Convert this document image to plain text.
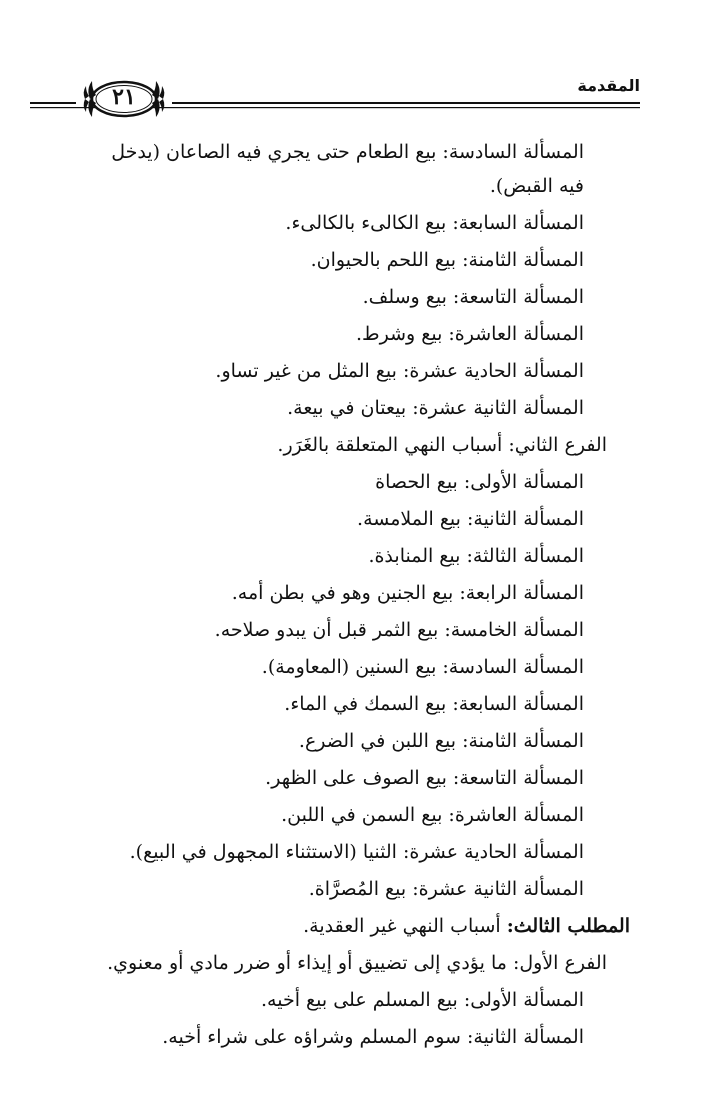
المقدمة
٢١
المسألة السادسة: بيع الطعام حتى يجري فيه الصاعان (يدخل
فيه القبض).
المسألة السابعة: بيع الكالىء بالكالىء.
المسألة الثامنة: بيع اللحم بالحيوان.
المسألة التاسعة: بيع وسلف.
المسألة العاشرة: بيع وشرط.
المسألة الحادية عشرة: بيع المثل من غير تساو.
المسألة الثانية عشرة: بيعتان في بيعة.
الفرع الثاني: أسباب النهي المتعلقة بالغَرَر.
المسألة الأولى: بيع الحصاة
المسألة الثانية: بيع الملامسة.
المسألة الثالثة: بيع المنابذة.
المسألة الرابعة: بيع الجنين وهو في بطن أمه.
المسألة الخامسة: بيع الثمر قبل أن يبدو صلاحه.
المسألة السادسة: بيع السنين (المعاومة).
المسألة السابعة: بيع السمك في الماء.
المسألة الثامنة: بيع اللبن في الضرع.
المسألة التاسعة: بيع الصوف على الظهر.
المسألة العاشرة: بيع السمن في اللبن.
المسألة الحادية عشرة: الثنيا (الاستثناء المجهول في البيع).
المسألة الثانية عشرة: بيع المُصرَّاة.
المطلب الثالث: أسباب النهي غير العقدية.
الفرع الأول: ما يؤدي إلى تضييق أو إيذاء أو ضرر مادي أو معنوي.
المسألة الأولى: بيع المسلم على بيع أخيه.
المسألة الثانية: سوم المسلم وشراؤه على شراء أخيه.
